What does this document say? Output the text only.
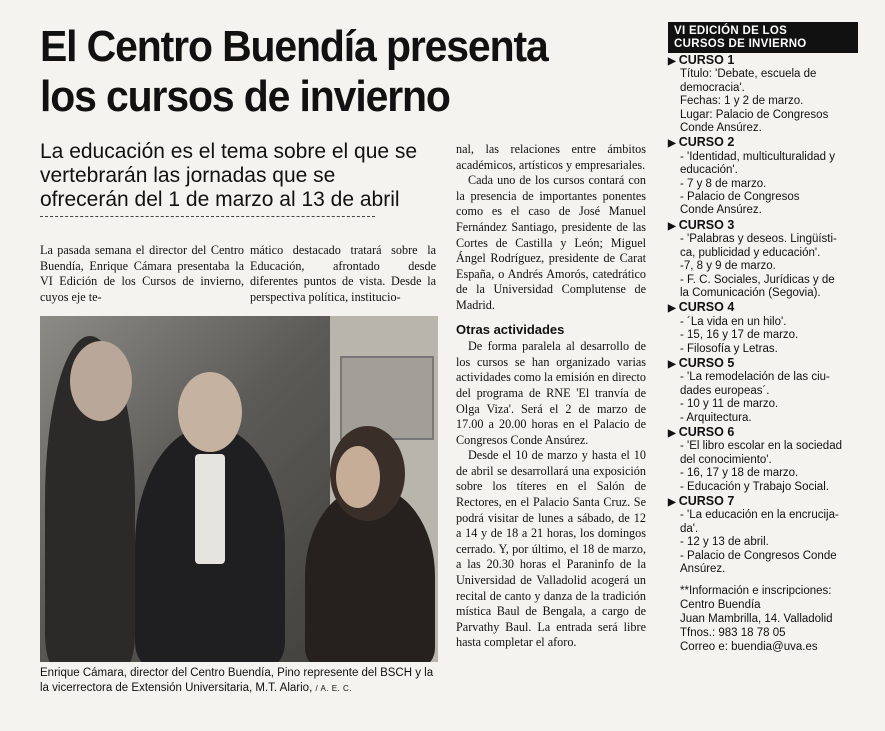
El Centro Buendía presenta
los cursos de invierno

La educación es el tema sobre el que se
vertebrarán las jornadas que se
ofrecerán del 1 de marzo al 13 de abril

La pasada semana el director del Centro Buendía, Enrique Cámara presentaba la VI Edición de los Cursos de invierno, cuyos eje te-

mático destacado tratará sobre la Educación, afrontado desde diferentes puntos de vista. Desde la perspectiva política, institucio-

Enrique Cámara, director del Centro Buendía, Pino represente del BSCH y la la vicerrectora de Extensión Universitaria, M.T. Alario, / A. E. C.

nal, las relaciones entre ámbitos académicos, artísticos y empresariales.

Cada uno de los cursos contará con la presencia de importantes ponentes como es el caso de José Manuel Fernández Santiago, presidente de las Cortes de Castilla y León; Miguel Ángel Rodríguez, presidente de Carat España, o Andrés Amorós, catedrático de la Universidad Complutense de Madrid.

Otras actividades

De forma paralela al desarrollo de los cursos se han organizado varias actividades como la emisión en directo del programa de RNE 'El tranvía de Olga Viza'. Será el 2 de marzo de 17.00 a 20.00 horas en el Palacio de Congresos Conde Ansúrez.

Desde el 10 de marzo y hasta el 10 de abril se desarrollará una exposición sobre los títeres en el Salón de Rectores, en el Palacio Santa Cruz. Se podrá visitar de lunes a sábado, de 12 a 14 y de 18 a 21 horas, los domingos cerrado. Y, por último, el 18 de marzo, a las 20.30 horas el Paraninfo de la Universidad de Valladolid acogerá un recital de canto y danza de la tradición mística Baul de Bengala, a cargo de Parvathy Baul. La entrada será libre hasta completar el aforo.

VI EDICIÓN DE LOS
CURSOS DE INVIERNO
▶ CURSO 1
Título: 'Debate, escuela de
democracia'.
Fechas: 1 y 2 de marzo.
Lugar: Palacio de Congresos
Conde Ansúrez.
▶ CURSO 2
- 'Identidad, multiculturalidad y
educación'.
- 7 y 8 de marzo.
- Palacio de Congresos
Conde Ansúrez.
▶ CURSO 3
- 'Palabras y deseos. Lingüísti-
ca, publicidad y educación'.
-7, 8 y 9 de marzo.
- F. C. Sociales, Jurídicas y de
la Comunicación (Segovia).
▶ CURSO 4
- ´La vida en un hilo'.
- 15, 16 y 17 de marzo.
- Filosofía y Letras.
▶ CURSO 5
- 'La remodelación de las ciu-
dades europeas´.
- 10 y 11 de marzo.
- Arquitectura.
▶ CURSO 6
- 'El libro escolar en la sociedad
del conocimiento'.
- 16, 17 y 18 de marzo.
- Educación y Trabajo Social.
▶ CURSO 7
- 'La educación en la encrucija-
da'.
- 12 y 13 de abril.
- Palacio de Congresos Conde
Ansúrez.
**Información e inscripciones:
Centro Buendía
Juan Mambrilla, 14. Valladolid
Tfnos.: 983 18 78 05
Correo e: buendia@uva.es
